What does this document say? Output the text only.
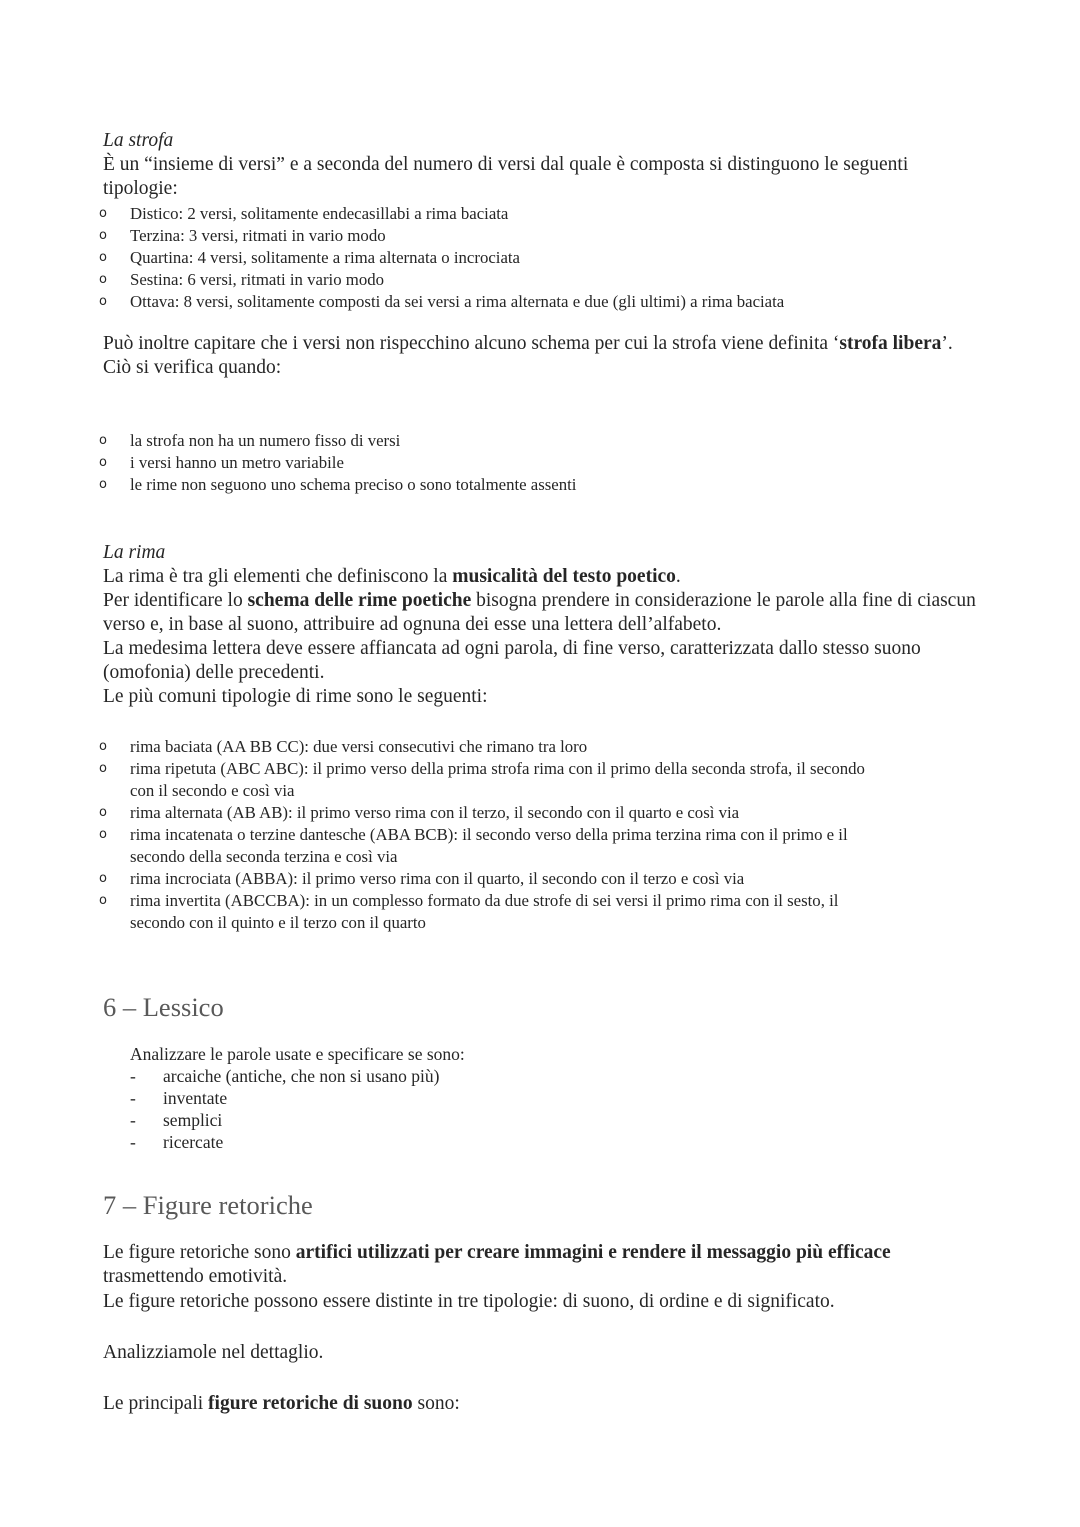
La strofa

È un “insieme di versi” e a seconda del numero di versi dal quale è composta si distinguono le seguenti tipologie:

o Distico: 2 versi, solitamente endecasillabi a rima baciata
o Terzina: 3 versi, ritmati in vario modo
o Quartina: 4 versi, solitamente a rima alternata o incrociata
o Sestina: 6 versi, ritmati in vario modo
o Ottava: 8 versi, solitamente composti da sei versi a rima alternata e due (gli ultimi) a rima baciata

Può inoltre capitare che i versi non rispecchino alcuno schema per cui la strofa viene definita ‘strofa libera’.

Ciò si verifica quando:

o la strofa non ha un numero fisso di versi
o i versi hanno un metro variabile
o le rime non seguono uno schema preciso o sono totalmente assenti

La rima

La rima è tra gli elementi che definiscono la musicalità del testo poetico.

Per identificare lo schema delle rime poetiche bisogna prendere in considerazione le parole alla fine di ciascun verso e, in base al suono, attribuire ad ognuna dei esse una lettera dell’alfabeto.

La medesima lettera deve essere affiancata ad ogni parola, di fine verso, caratterizzata dallo stesso suono (omofonia) delle precedenti.

Le più comuni tipologie di rime sono le seguenti:

o rima baciata (AA BB CC): due versi consecutivi che rimano tra loro
o rima ripetuta (ABC ABC): il primo verso della prima strofa rima con il primo della seconda strofa, il secondo con il secondo e così via
o rima alternata (AB AB): il primo verso rima con il terzo, il secondo con il quarto e così via
o rima incatenata o terzine dantesche (ABA BCB): il secondo verso della prima terzina rima con il primo e il secondo della seconda terzina e così via
o rima incrociata (ABBA): il primo verso rima con il quarto, il secondo con il terzo e così via
o rima invertita (ABCCBA): in un complesso formato da due strofe di sei versi il primo rima con il sesto, il secondo con il quinto e il terzo con il quarto
6 – Lessico

Analizzare le parole usate e specificare se sono:

- arcaiche (antiche, che non si usano più)
- inventate
- semplici
- ricercate
7 – Figure retoriche

Le figure retoriche sono artifici utilizzati per creare immagini e rendere il messaggio più efficace trasmettendo emotività.

Le figure retoriche possono essere distinte in tre tipologie: di suono, di ordine e di significato.

Analizziamole nel dettaglio.

Le principali figure retoriche di suono sono:
